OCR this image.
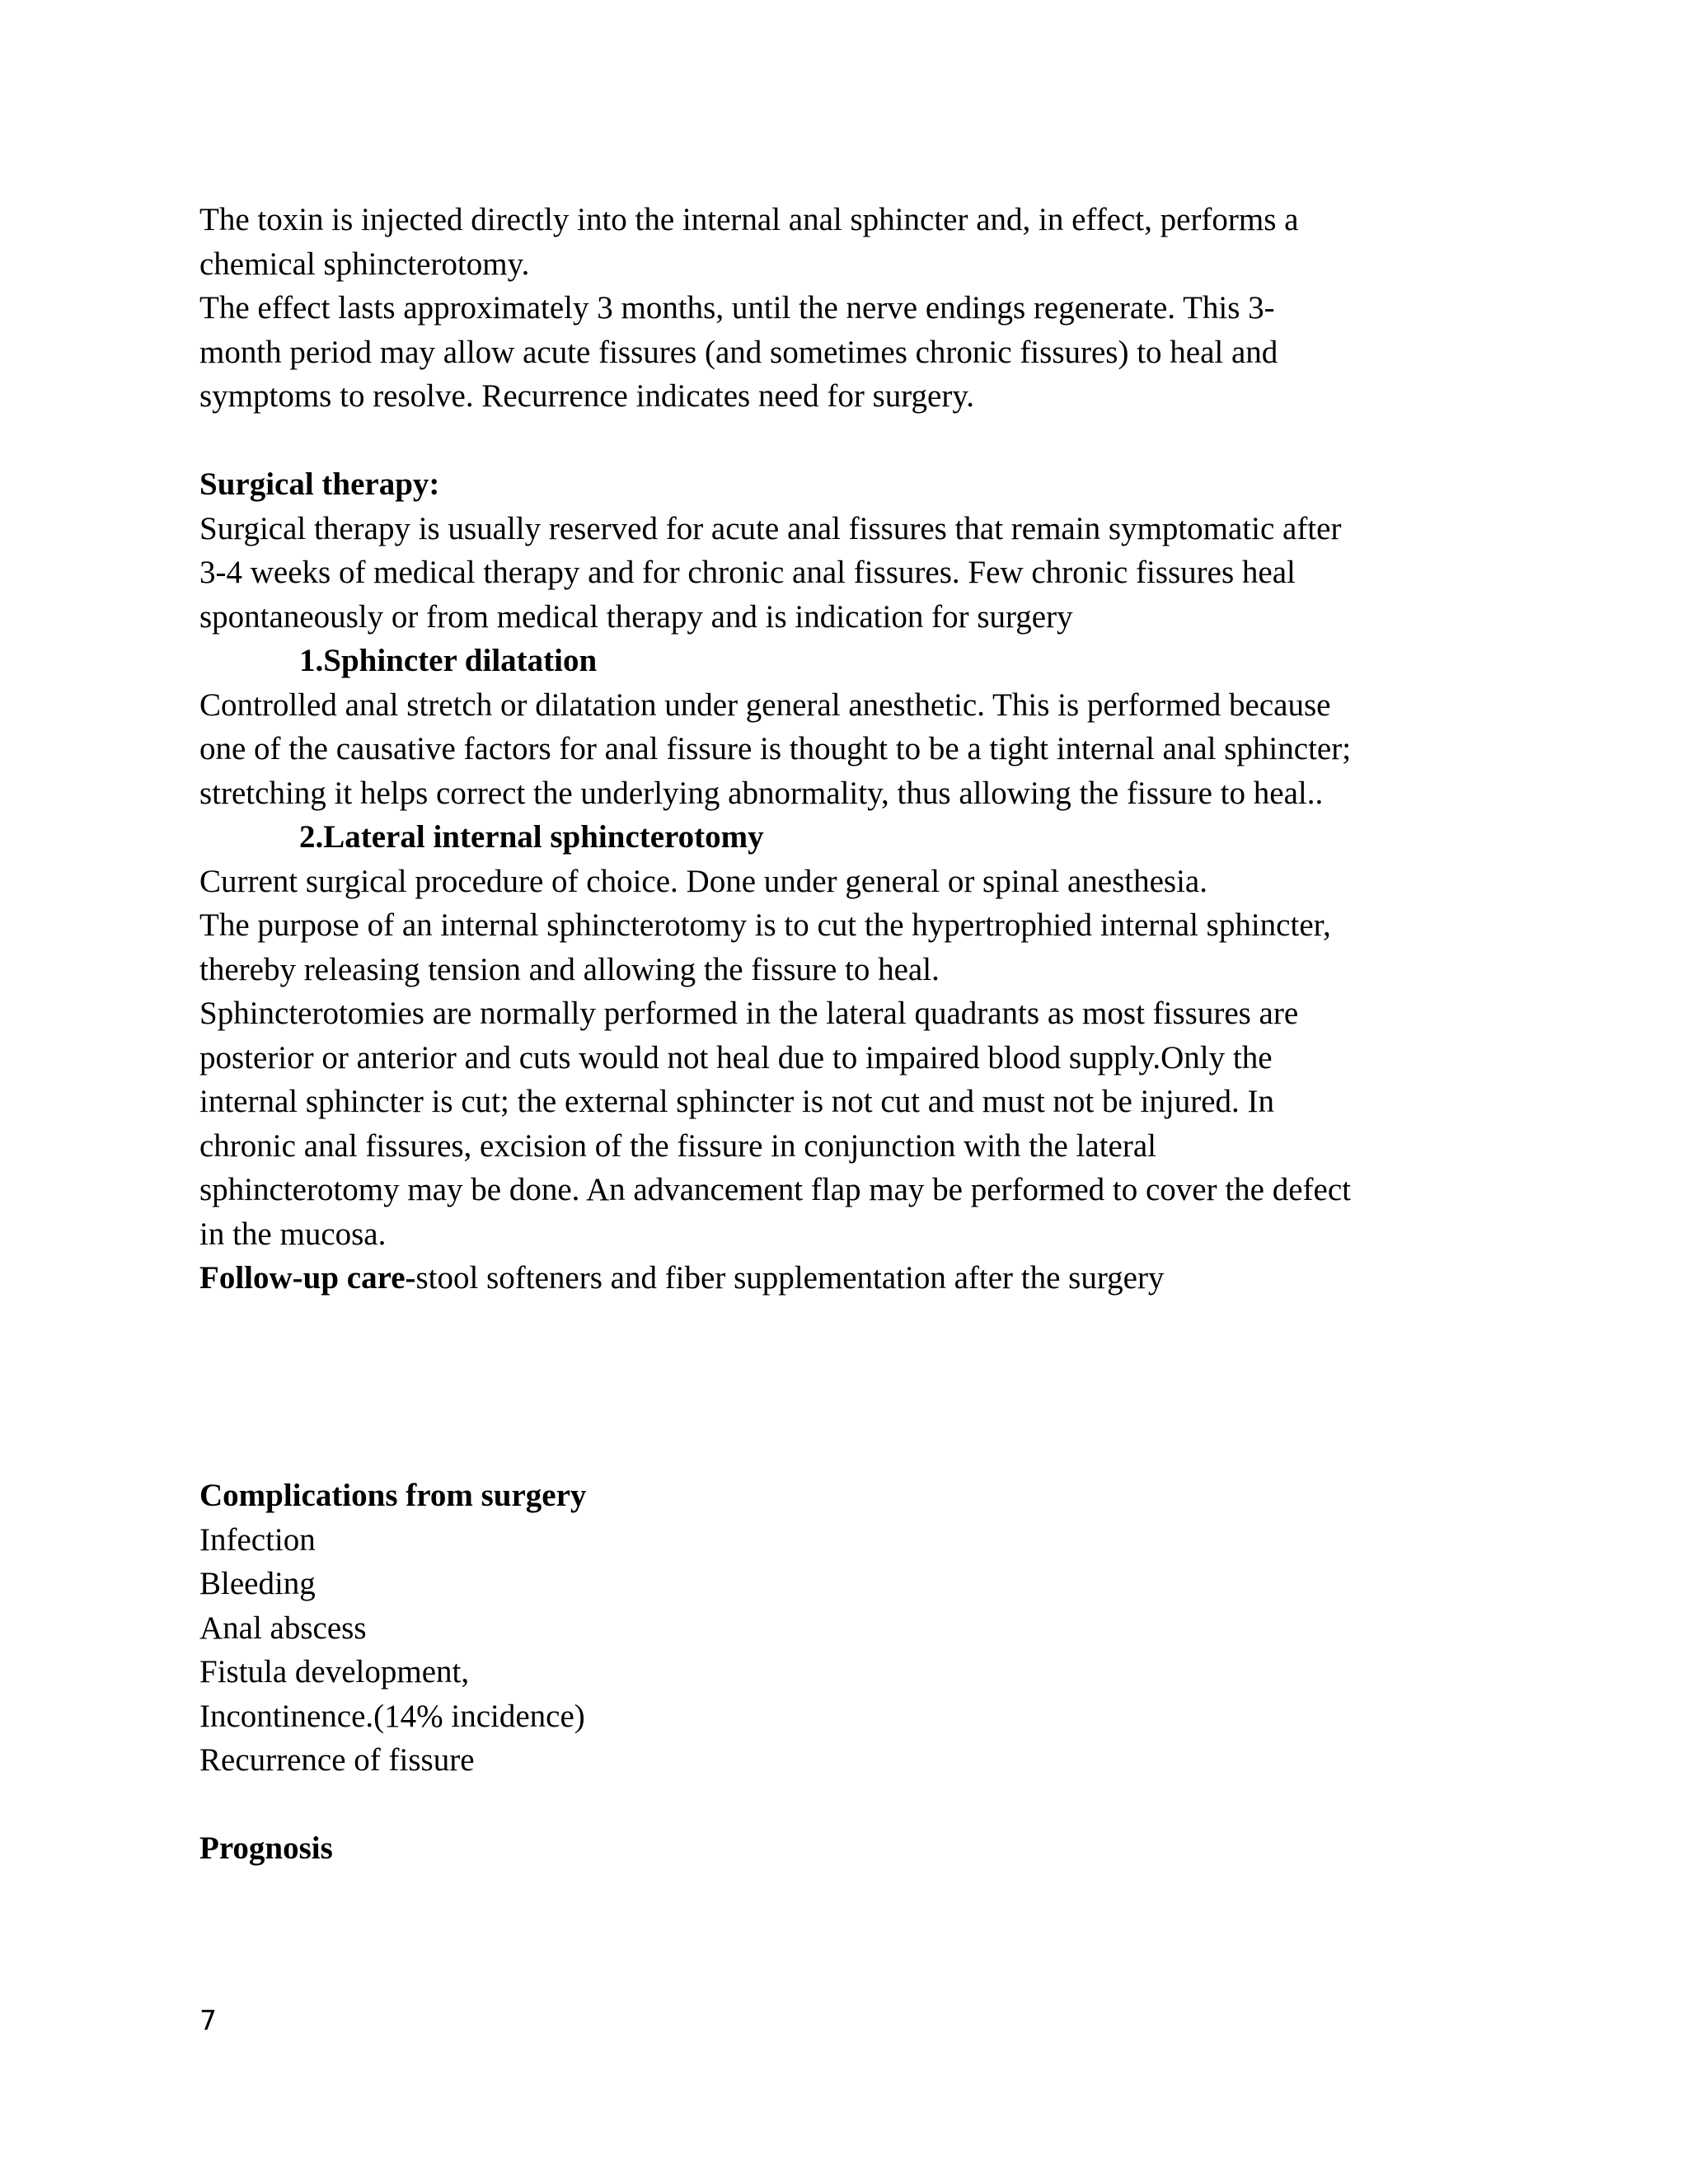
The toxin is injected directly into the internal anal sphincter and, in effect, performs a
chemical sphincterotomy.
The effect lasts approximately 3 months, until the nerve endings regenerate. This 3-
month period may allow acute fissures (and sometimes chronic fissures) to heal and
symptoms to resolve. Recurrence indicates need for surgery.
Surgical therapy:
Surgical therapy is usually reserved for acute anal fissures that remain symptomatic after
3-4 weeks of medical therapy and for chronic anal fissures. Few chronic fissures heal
spontaneously or from medical therapy and is indication for surgery
1.Sphincter dilatation
Controlled anal stretch or dilatation under general anesthetic. This is performed because
one of the causative factors for anal fissure is thought to be a tight internal anal sphincter;
stretching it helps correct the underlying abnormality, thus allowing the fissure to heal..
2.Lateral internal sphincterotomy
Current surgical procedure of choice. Done under general or spinal anesthesia.
The purpose of an internal sphincterotomy is to cut the hypertrophied internal sphincter,
thereby releasing tension and allowing the fissure to heal.
Sphincterotomies are normally performed in the lateral quadrants as most fissures are
posterior or anterior and cuts would not heal due to impaired blood supply.Only the
internal sphincter is cut; the external sphincter is not cut and must not be injured. In
chronic anal fissures, excision of the fissure in conjunction with the lateral
sphincterotomy may be done. An advancement flap may be performed to cover the defect
in the mucosa.
Follow-up care-stool softeners and fiber supplementation after the surgery
Complications from surgery
Infection
Bleeding
Anal abscess
Fistula development,
Incontinence.(14% incidence)
Recurrence of fissure
Prognosis
7
